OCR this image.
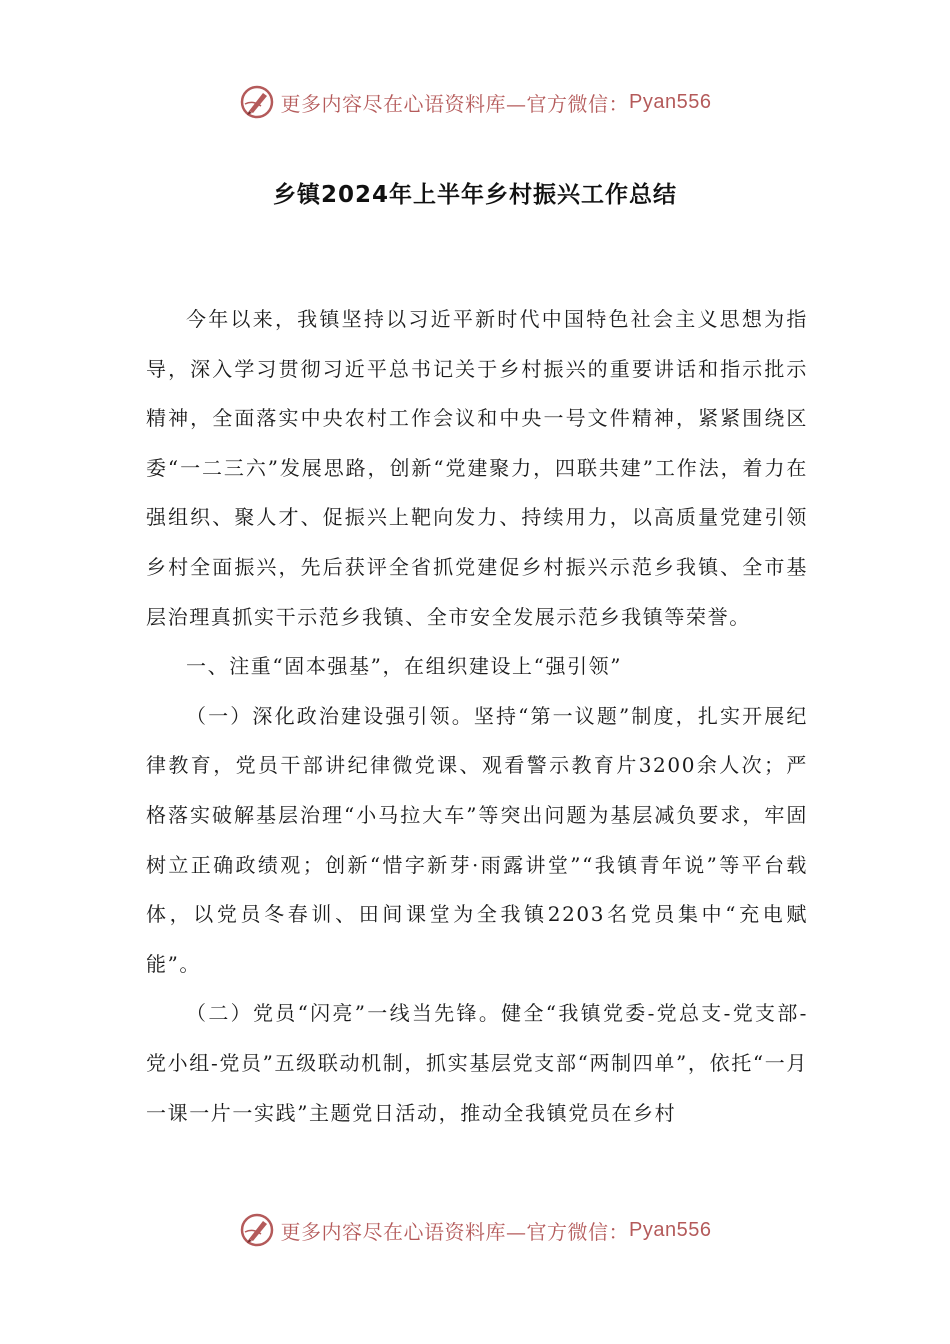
更多内容尽在心语资料库—官方微信： Pyan556
乡镇2024年上半年乡村振兴工作总结

今年以来，我镇坚持以习近平新时代中国特色社会主义思想为指导，深入学习贯彻习近平总书记关于乡村振兴的重要讲话和指示批示精神，全面落实中央农村工作会议和中央一号文件精神，紧紧围绕区委“一二三六”发展思路，创新“党建聚力，四联共建”工作法，着力在强组织、聚人才、促振兴上靶向发力、持续用力，以高质量党建引领乡村全面振兴，先后获评全省抓党建促乡村振兴示范乡我镇、全市基层治理真抓实干示范乡我镇、全市安全发展示范乡我镇等荣誉。

一、注重“固本强基”，在组织建设上“强引领”

（一）深化政治建设强引领。坚持“第一议题”制度，扎实开展纪律教育，党员干部讲纪律微党课、观看警示教育片3200余人次；严格落实破解基层治理“小马拉大车”等突出问题为基层减负要求，牢固树立正确政绩观；创新“惜字新芽·雨露讲堂”“我镇青年说”等平台载体，以党员冬春训、田间课堂为全我镇2203名党员集中“充电赋能”。

（二）党员“闪亮”一线当先锋。健全“我镇党委-党总支-党支部-党小组-党员”五级联动机制，抓实基层党支部“两制四单”，依托“一月一课一片一实践”主题党日活动，推动全我镇党员在乡村

更多内容尽在心语资料库—官方微信： Pyan556
